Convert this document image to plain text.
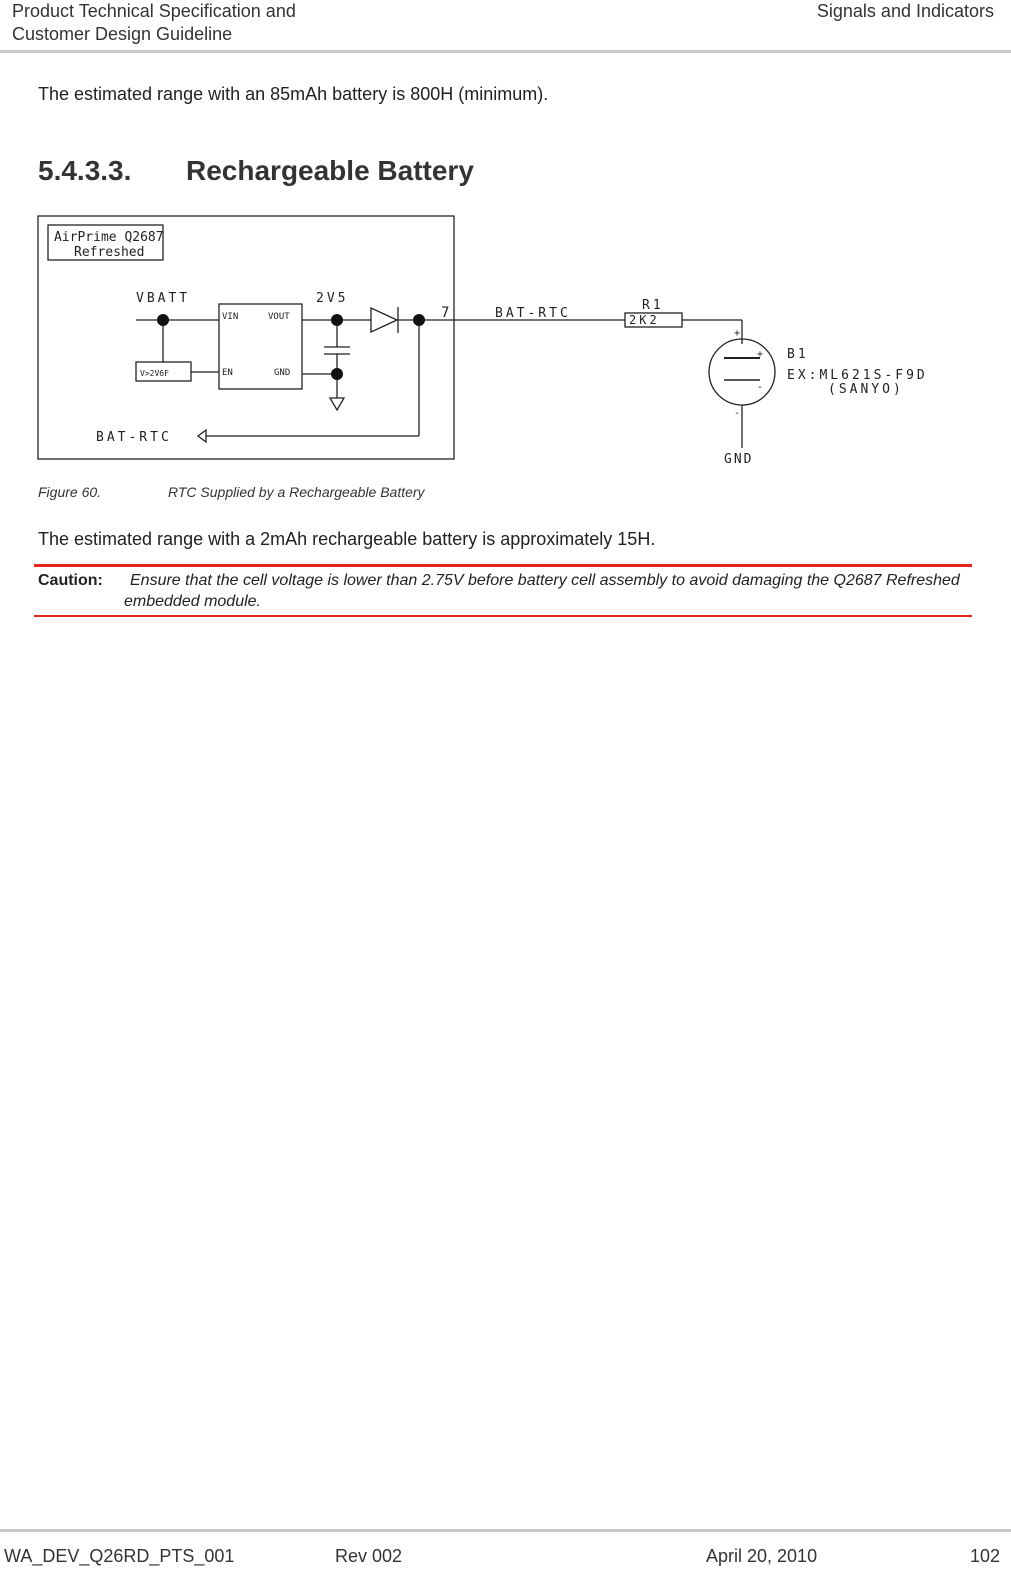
Product Technical Specification and
Customer Design Guideline
Signals and Indicators
The estimated range with an 85mAh battery is 800H (minimum).
5.4.3.3. Rechargeable Battery
AirPrime Q2687
Refreshed
VBATT	2V5
VIN	VOUT
EN	GND
V>2V6F
7	BAT-RTC
BAT-RTC
R1
2K2
B1
EX:ML621S-F9D
(SANYO)
+
+
-
-
GND
Figure 60.	RTC Supplied by a Rechargeable Battery
The estimated range with a 2mAh rechargeable battery is approximately 15H.
Caution: Ensure that the cell voltage is lower than 2.75V before battery cell assembly to avoid damaging the Q2687 Refreshed embedded module.
WA_DEV_Q26RD_PTS_001	Rev 002	April 20, 2010	102
